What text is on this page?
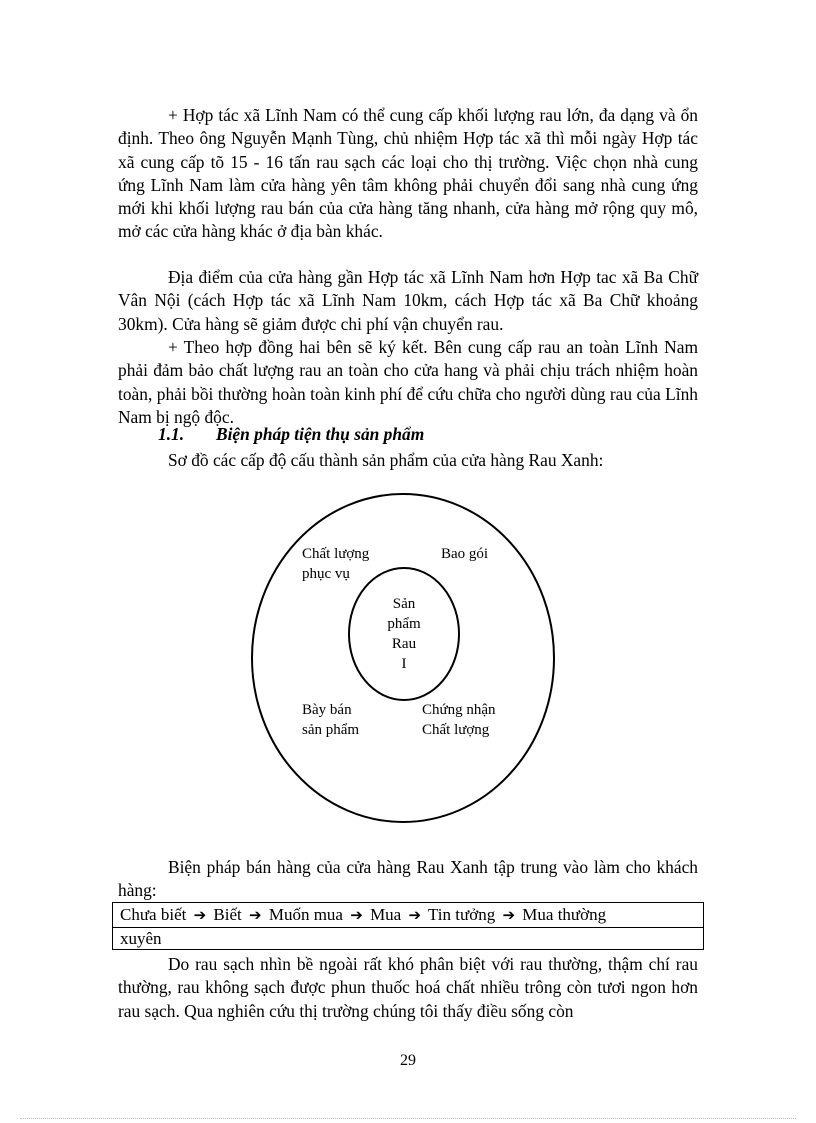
+ Hợp tác xã Lĩnh Nam có thể cung cấp khối lượng rau lớn, đa dạng và ổn định. Theo ông Nguyễn Mạnh Tùng, chủ nhiệm Hợp tác xã thì mỗi ngày Hợp tác xã cung cấp tõ 15 - 16 tấn rau sạch các loại cho thị trường. Việc chọn nhà cung ứng Lĩnh Nam làm cửa hàng yên tâm không phải chuyển đổi sang nhà cung ứng mới khi khối lượng rau bán của cửa hàng tăng nhanh, cửa hàng mở rộng quy mô, mở các cửa hàng khác ở địa bàn khác.

Địa điểm của cửa hàng gần Hợp tác xã Lĩnh Nam hơn Hợp tac xã Ba Chữ Vân Nội (cách Hợp tác xã Lĩnh Nam 10km, cách Hợp tác xã Ba Chữ khoảng 30km). Cửa hàng sẽ giảm được chi phí vận chuyển rau.

+ Theo hợp đồng hai bên sẽ ký kết. Bên cung cấp rau an toàn Lĩnh Nam phải đảm bảo chất lượng rau an toàn cho cửa hang và phải chịu trách nhiệm hoàn toàn, phải bồi thường hoàn toàn kinh phí để cứu chữa cho người dùng rau của Lĩnh Nam bị ngộ độc.

1.1. Biện pháp tiện thụ sản phẩm
Sơ đồ các cấp độ cấu thành sản phẩm của cửa hàng Rau Xanh:
Sản
phẩm
Rau
I
Chất lượng
phục vụ
Bao gói
Bày bán
sản phẩm
Chứng nhận
Chất lượng

Biện pháp bán hàng của cửa hàng Rau Xanh tập trung vào làm cho khách hàng:

Chưa biết ➔ Biết ➔ Muốn mua ➔ Mua ➔ Tin tưởng ➔ Mua thường
xuyên

Do rau sạch nhìn bề ngoài rất khó phân biệt với rau thường, thậm chí rau thường, rau không sạch được phun thuốc hoá chất nhiều trông còn tươi ngon hơn rau sạch. Qua nghiên cứu thị trường chúng tôi thấy điều sống còn

29
